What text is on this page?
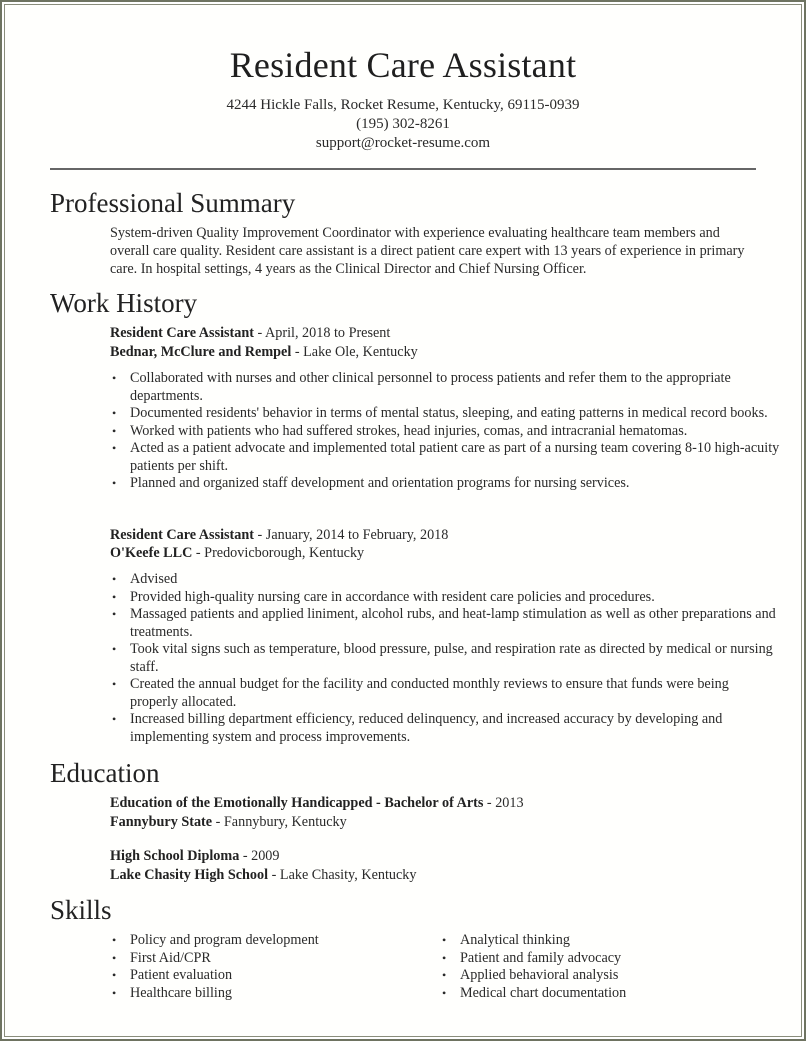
Resident Care Assistant
4244 Hickle Falls, Rocket Resume, Kentucky, 69115-0939
(195) 302-8261
support@rocket-resume.com
Professional Summary
System-driven Quality Improvement Coordinator with experience evaluating healthcare team members and overall care quality. Resident care assistant is a direct patient care expert with 13 years of experience in primary care. In hospital settings, 4 years as the Clinical Director and Chief Nursing Officer.
Work History
Resident Care Assistant - April, 2018 to Present
Bednar, McClure and Rempel - Lake Ole, Kentucky
• Collaborated with nurses and other clinical personnel to process patients and refer them to the appropriate departments.
• Documented residents' behavior in terms of mental status, sleeping, and eating patterns in medical record books.
• Worked with patients who had suffered strokes, head injuries, comas, and intracranial hematomas.
• Acted as a patient advocate and implemented total patient care as part of a nursing team covering 8-10 high-acuity patients per shift.
• Planned and organized staff development and orientation programs for nursing services.
Resident Care Assistant - January, 2014 to February, 2018
O'Keefe LLC - Predovicborough, Kentucky
• Advised
• Provided high-quality nursing care in accordance with resident care policies and procedures.
• Massaged patients and applied liniment, alcohol rubs, and heat-lamp stimulation as well as other preparations and treatments.
• Took vital signs such as temperature, blood pressure, pulse, and respiration rate as directed by medical or nursing staff.
• Created the annual budget for the facility and conducted monthly reviews to ensure that funds were being properly allocated.
• Increased billing department efficiency, reduced delinquency, and increased accuracy by developing and implementing system and process improvements.
Education
Education of the Emotionally Handicapped - Bachelor of Arts - 2013
Fannybury State - Fannybury, Kentucky
High School Diploma - 2009
Lake Chasity High School - Lake Chasity, Kentucky
Skills
• Policy and program development
• First Aid/CPR
• Patient evaluation
• Healthcare billing
• Analytical thinking
• Patient and family advocacy
• Applied behavioral analysis
• Medical chart documentation
